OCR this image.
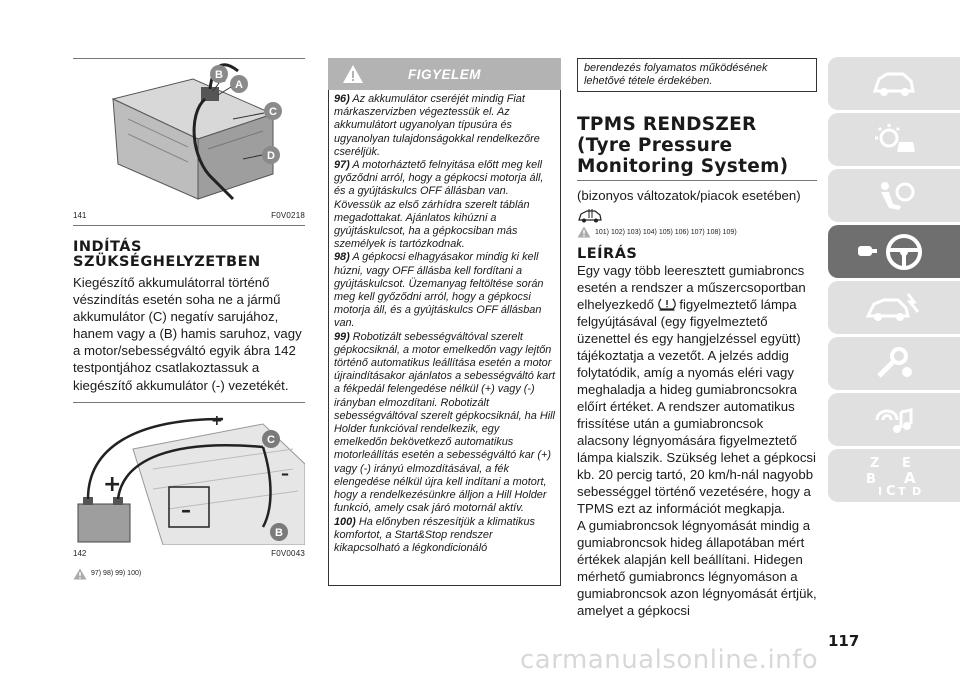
B
A
C
D
141	F0V0218
INDÍTÁS
SZÜKSÉGHELYZETBEN

Kiegészítő akkumulátorral történő vészindítás esetén soha ne a jármű akkumulátor (C) negatív sarujához, hanem vagy a (B) hamis saruhoz, vagy a motor/sebességváltó egyik ábra 142 testpontjához csatlakoztassuk a kiegészítő akkumulátor (-) vezetékét.

+
–
+
–
C
B
142	F0V0043
97) 98) 99) 100)
FIGYELEM

96) Az akkumulátor cseréjét mindig Fiat márkaszervizben végeztessük el. Az akkumulátort ugyanolyan típusúra és ugyanolyan tulajdonságokkal rendelkezőre cseréljük.

97) A motorháztető felnyitása előtt meg kell győződni arról, hogy a gépkocsi motorja áll, és a gyújtáskulcs OFF állásban van. Kövessük az első zárhídra szerelt táblán megadottakat. Ajánlatos kihúzni a gyújtáskulcsot, ha a gépkocsiban más személyek is tartózkodnak.

98) A gépkocsi elhagyásakor mindig ki kell húzni, vagy OFF állásba kell fordítani a gyújtáskulcsot. Üzemanyag feltöltése során meg kell győződni arról, hogy a gépkocsi motorja áll, és a gyújtáskulcs OFF állásban van.

99) Robotizált sebességváltóval szerelt gépkocsiknál, a motor emelkedőn vagy lejtőn történő automatikus leállítása esetén a motor újraindításakor ajánlatos a sebességváltó kart a fékpedál felengedése nélkül (+) vagy (-) irányban elmozdítani. Robotizált sebességváltóval szerelt gépkocsiknál, ha Hill Holder funkcióval rendelkezik, egy emelkedőn bekövetkező automatikus motorleállítás esetén a sebességváltó kar (+) vagy (-) irányú elmozdításával, a fék elengedése nélkül újra kell indítani a motort, hogy a rendelkezésünkre álljon a Hill Holder funkció, amely csak járó motornál aktív.

100) Ha előnyben részesítjük a klimatikus komfortot, a Start&Stop rendszer kikapcsolható a légkondicionáló

berendezés folyamatos működésének lehetővé tétele érdekében.
TPMS RENDSZER
(Tyre Pressure
Monitoring System)

(bizonyos változatok/piacok esetében)

101) 102) 103) 104) 105) 106) 107) 108) 109)
LEÍRÁS

Egy vagy több leeresztett gumiabroncs esetén a rendszer a műszercsoportban elhelyezkedő figyelmeztető lámpa felgyújtásával (egy figyelmeztető üzenettel és egy hangjelzéssel együtt) tájékoztatja a vezetőt. A jelzés addig folytatódik, amíg a nyomás eléri vagy meghaladja a hideg gumiabroncsokra előírt értéket. A rendszer automatikus frissítése után a gumiabroncsok alacsony légnyomására figyelmeztető lámpa kialszik. Szükség lehet a gépkocsi kb. 20 percig tartó, 20 km/h-nál nagyobb sebességgel történő vezetésére, hogy a TPMS ezt az információt megkapja.

A gumiabroncsok légnyomását mindig a gumiabroncsok hideg állapotában mért értékek alapján kell beállítani. Hidegen mérhető gumiabroncs légnyomáson a gumiabroncsok azon légnyomását értjük, amelyet a gépkocsi

Z E
B A
I C T D
117
carmanualsonline.info
